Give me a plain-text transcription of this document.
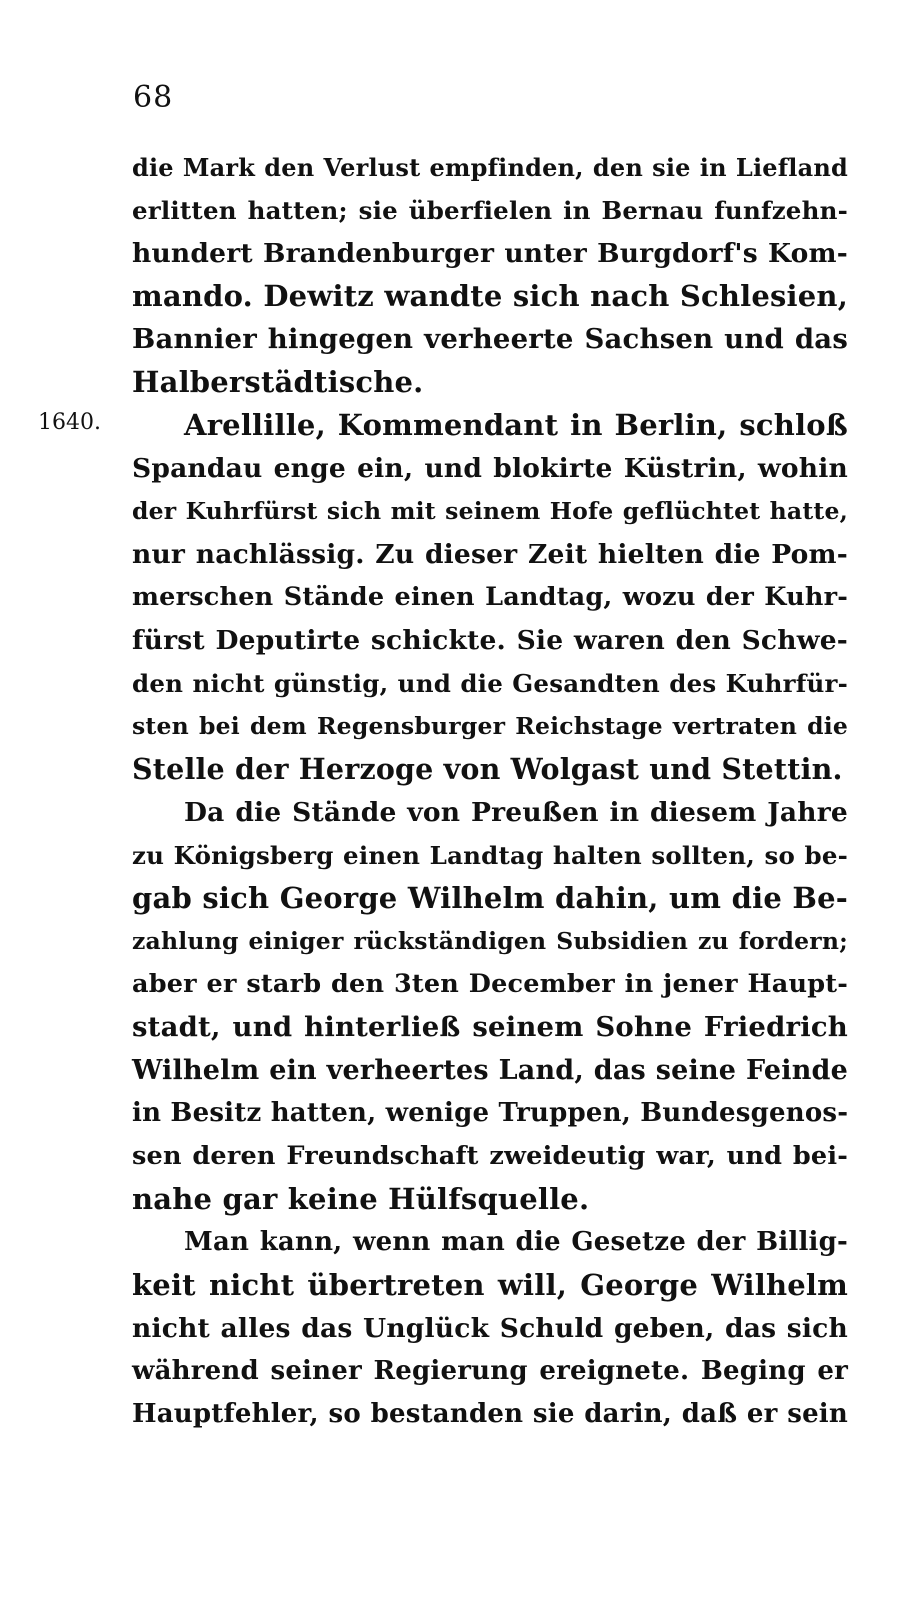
68
1640.
die Mark den Verlust empfinden, den sie in Liefland
erlitten hatten; sie überfielen in Bernau funfzehn-
hundert Brandenburger unter Burgdorf's Kom-
mando. Dewitz wandte sich nach Schlesien,
Bannier hingegen verheerte Sachsen und das
Halberstädtische.
Arellille, Kommendant in Berlin, schloß
Spandau enge ein, und blokirte Küstrin, wohin
der Kuhrfürst sich mit seinem Hofe geflüchtet hatte,
nur nachlässig. Zu dieser Zeit hielten die Pom-
merschen Stände einen Landtag, wozu der Kuhr-
fürst Deputirte schickte. Sie waren den Schwe-
den nicht günstig, und die Gesandten des Kuhrfür-
sten bei dem Regensburger Reichstage vertraten die
Stelle der Herzoge von Wolgast und Stettin.
Da die Stände von Preußen in diesem Jahre
zu Königsberg einen Landtag halten sollten, so be-
gab sich George Wilhelm dahin, um die Be-
zahlung einiger rückständigen Subsidien zu fordern;
aber er starb den 3ten December in jener Haupt-
stadt, und hinterließ seinem Sohne Friedrich
Wilhelm ein verheertes Land, das seine Feinde
in Besitz hatten, wenige Truppen, Bundesgenos-
sen deren Freundschaft zweideutig war, und bei-
nahe gar keine Hülfsquelle.
Man kann, wenn man die Gesetze der Billig-
keit nicht übertreten will, George Wilhelm
nicht alles das Unglück Schuld geben, das sich
während seiner Regierung ereignete. Beging er
Hauptfehler, so bestanden sie darin, daß er sein
